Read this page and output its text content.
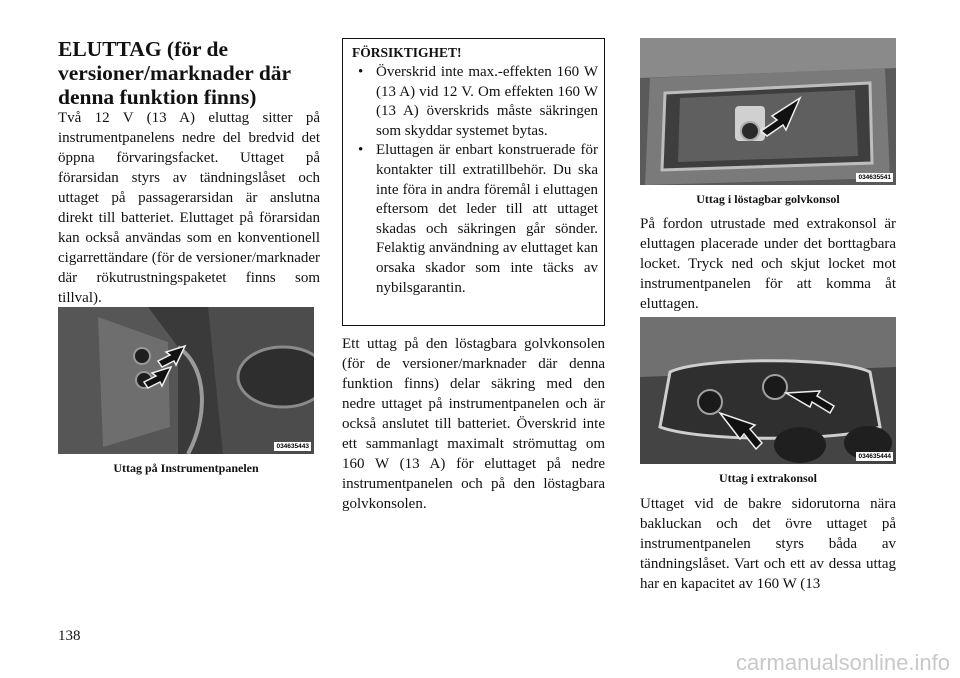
ELUTTAG (för de versioner/marknader där denna funktion finns)

Två 12 V (13 A) eluttag sitter på instrumentpanelens nedre del bredvid det öppna förvaringsfacket. Uttaget på förarsidan styrs av tändningslåset och uttaget på passagerarsidan är anslutna direkt till batteriet. Eluttaget på förarsidan kan också användas som en konventionell cigarrettändare (för de versioner/marknader där rökutrustningspaketet finns som tillval).

034635443
Uttag på Instrumentpanelen
FÖRSIKTIGHET!
• Överskrid inte max.-effekten 160 W (13 A) vid 12 V. Om effekten 160 W (13 A) överskrids måste säkringen som skyddar systemet bytas.
• Eluttagen är enbart konstruerade för kontakter till extratillbehör. Du ska inte föra in andra föremål i eluttagen eftersom det leder till att uttaget skadas och säkringen går sönder. Felaktig användning av eluttaget kan orsaka skador som inte täcks av nybilsgarantin.

Ett uttag på den löstagbara golvkonsolen (för de versioner/marknader där denna funktion finns) delar säkring med den nedre uttaget på instrumentpanelen och är också anslutet till batteriet. Överskrid inte ett sammanlagt maximalt strömuttag om 160 W (13 A) för eluttaget på nedre instrumentpanelen och på den löstagbara golvkonsolen.

034635541
Uttag i löstagbar golvkonsol

På fordon utrustade med extrakonsol är eluttagen placerade under det borttagbara locket. Tryck ned och skjut locket mot instrumentpanelen för att komma åt eluttagen.

034635444
Uttag i extrakonsol

Uttaget vid de bakre sidorutorna nära bakluckan och det övre uttaget på instrumentpanelen styrs båda av tändningslåset. Vart och ett av dessa uttag har en kapacitet av 160 W (13

138
carmanualsonline.info
